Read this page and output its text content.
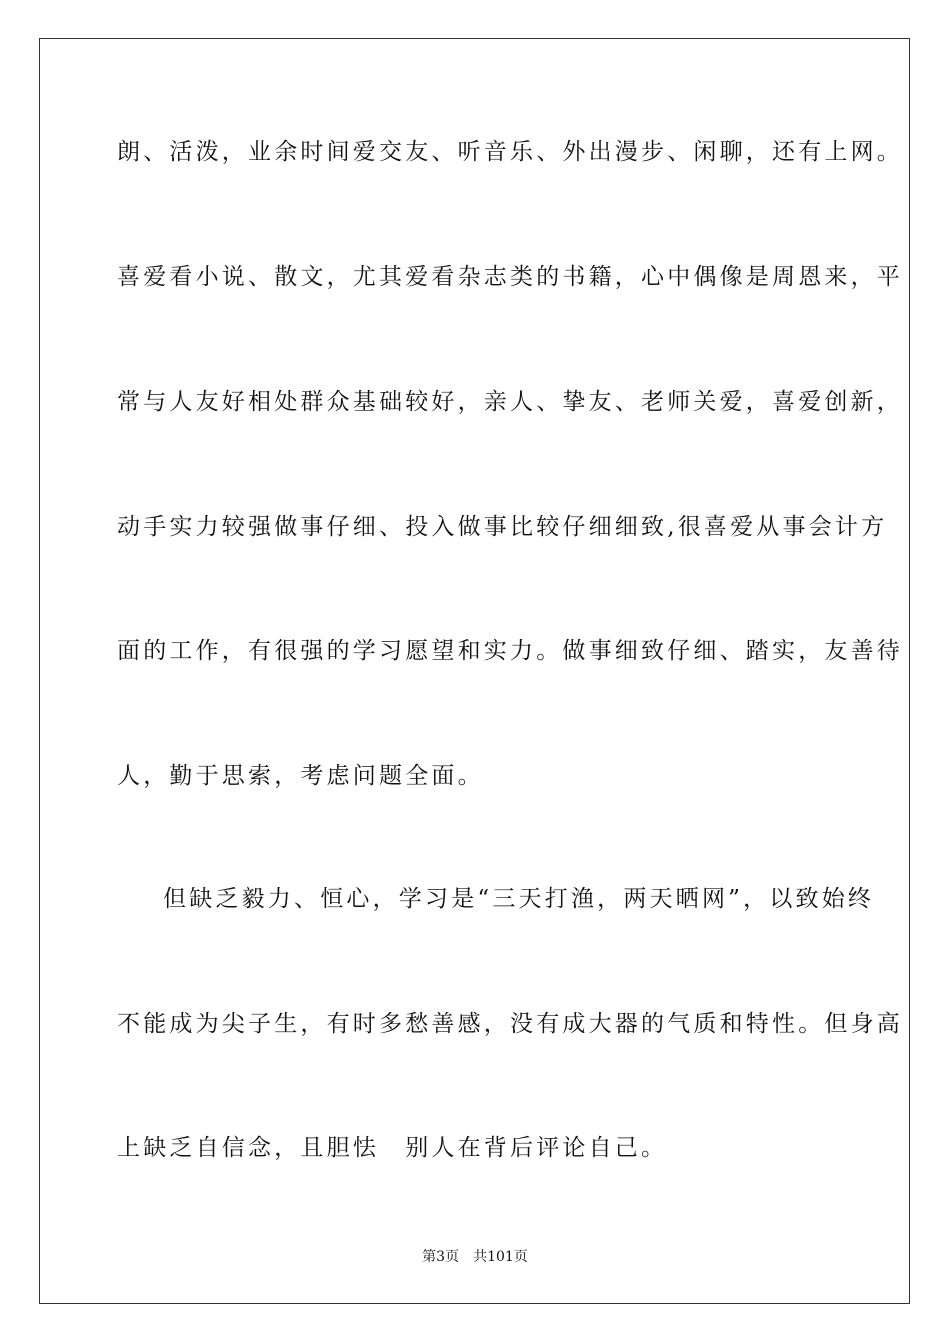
朗、活泼，业余时间爱交友、听音乐、外出漫步、闲聊，还有上网。
喜爱看小说、散文，尤其爱看杂志类的书籍，心中偶像是周恩来，平
常与人友好相处群众基础较好，亲人、挚友、老师关爱，喜爱创新，
动手实力较强做事仔细、投入做事比较仔细细致,很喜爱从事会计方
面的工作，有很强的学习愿望和实力。做事细致仔细、踏实，友善待
人，勤于思索，考虑问题全面。
但缺乏毅力、恒心，学习是“三天打渔，两天晒网”，以致始终
不能成为尖子生，有时多愁善感，没有成大器的气质和特性。但身高
上缺乏自信念，且胆怯　别人在背后评论自己。
第3页 共101页
